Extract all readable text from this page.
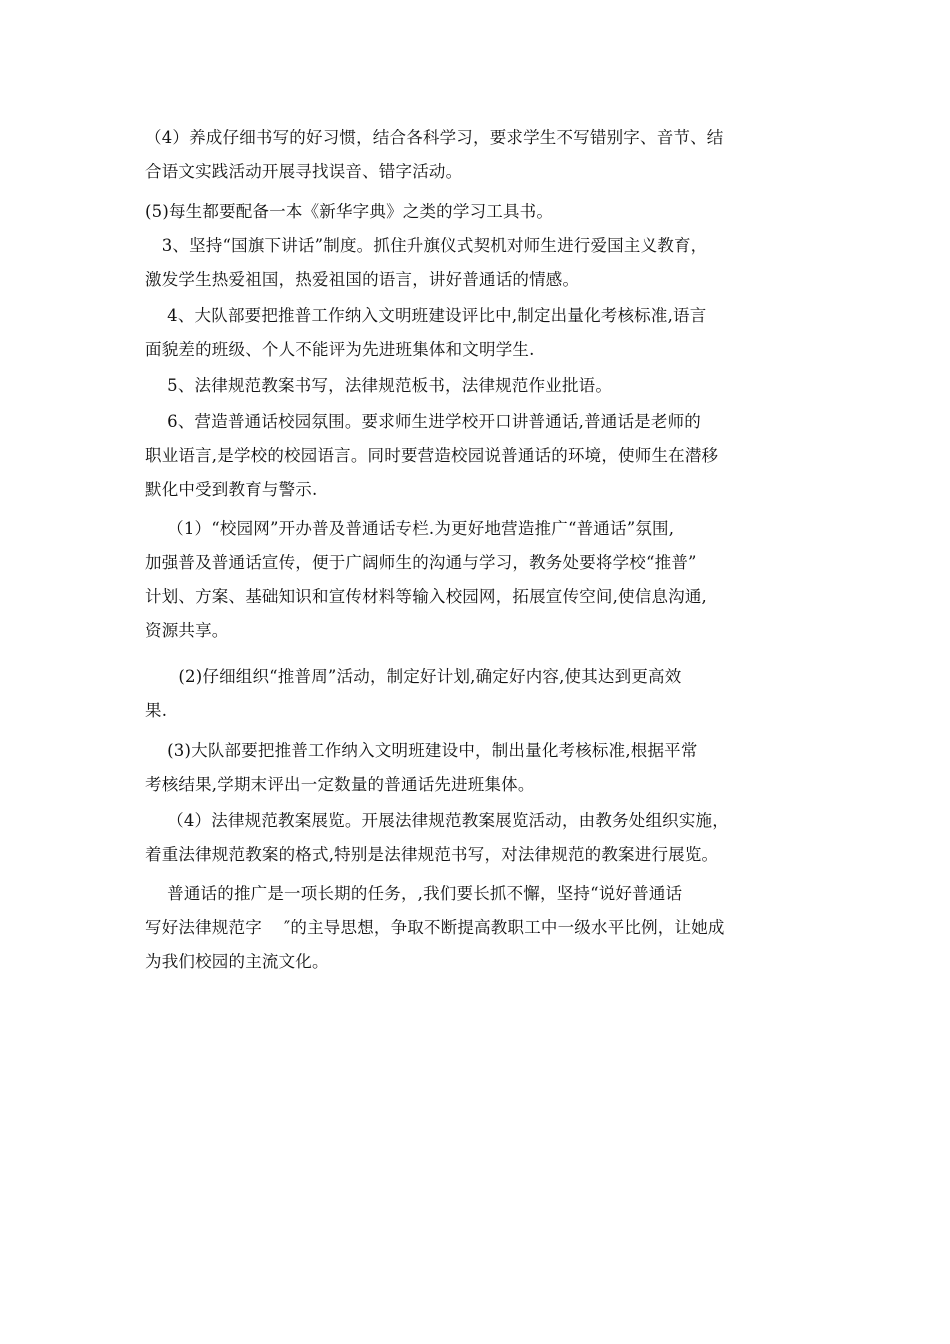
（4）养成仔细书写的好习惯，结合各科学习，要求学生不写错别字、音节、结
合语文实践活动开展寻找误音、错字活动。

(5)每生都要配备一本《新华字典》之类的学习工具书。

　3、坚持“国旗下讲话”制度。抓住升旗仪式契机对师生进行爱国主义教育，
激发学生热爱祖国，热爱祖国的语言，讲好普通话的情感。

　 4、大队部要把推普工作纳入文明班建设评比中,制定出量化考核标准,语言
面貌差的班级、个人不能评为先进班集体和文明学生.

　 5、法律规范教案书写，法律规范板书，法律规范作业批语。

　 6、营造普通话校园氛围。要求师生进学校开口讲普通话,普通话是老师的
职业语言,是学校的校园语言。同时要营造校园说普通话的环境，使师生在潜移
默化中受到教育与警示.

　 （1）“校园网”开办普及普通话专栏.为更好地营造推广“普通话”氛围,
加强普及普通话宣传，便于广阔师生的沟通与学习，教务处要将学校“推普”
计划、方案、基础知识和宣传材料等输入校园网，拓展宣传空间,使信息沟通,
资源共享。

　　(2)仔细组织“推普周”活动，制定好计划,确定好内容,使其达到更高效
果.

　 (3)大队部要把推普工作纳入文明班建设中，制出量化考核标准,根据平常
考核结果,学期末评出一定数量的普通话先进班集体。

　 （4）法律规范教案展览。开展法律规范教案展览活动，由教务处组织实施，
着重法律规范教案的格式,特别是法律规范书写，对法律规范的教案进行展览。

　 普通话的推广是一项长期的任务，,我们要长抓不懈，坚持“说好普通话
写好法律规范字　 ″的主导思想，争取不断提高教职工中一级水平比例，让她成
为我们校园的主流文化。
